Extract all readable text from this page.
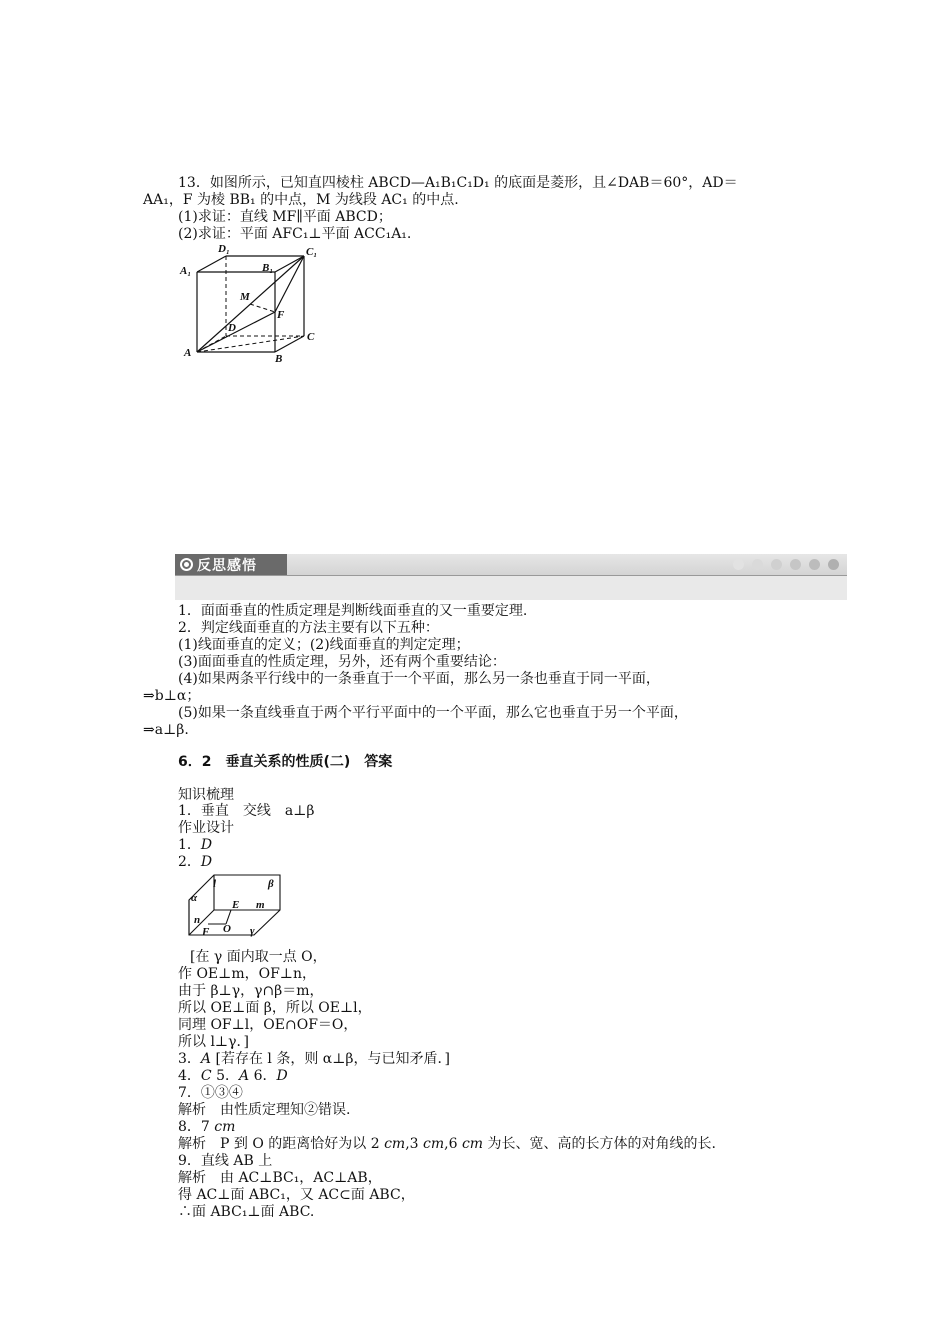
13．如图所示，已知直四棱柱 ABCD—A₁B₁C₁D₁ 的底面是菱形，且∠DAB＝60°，AD＝
AA₁，F 为棱 BB₁ 的中点，M 为线段 AC₁ 的中点.
(1)求证：直线 MF∥平面 ABCD；
(2)求证：平面 AFC₁⊥平面 ACC₁A₁.
D₁	C₁
A₁	B₁
M
F
D
C
A	B
反思感悟
1．面面垂直的性质定理是判断线面垂直的又一重要定理.
2．判定线面垂直的方法主要有以下五种：
(1)线面垂直的定义；(2)线面垂直的判定定理；
(3)面面垂直的性质定理，另外，还有两个重要结论：
(4)如果两条平行线中的一条垂直于一个平面，那么另一条也垂直于同一平面，
⇒b⊥α；
(5)如果一条直线垂直于两个平行平面中的一个平面，那么它也垂直于另一个平面，
⇒a⊥β.
6．2　垂直关系的性质(二)　答案
知识梳理
1．垂直　交线　a⊥β
作业设计
1．D
2．D
l	β
α
E m
n
O
F	γ
[在 γ 面内取一点 O，
作 OE⊥m，OF⊥n，
由于 β⊥γ，γ∩β＝m，
所以 OE⊥面 β，所以 OE⊥l，
同理 OF⊥l，OE∩OF＝O，
所以 l⊥γ．]
3．A [若存在 l 条，则 α⊥β，与已知矛盾．]
4．C 5．A 6．D
7．①③④
解析　由性质定理知②错误.
8．7 cm
解析　P 到 O 的距离恰好为以 2 cm,3 cm,6 cm 为长、宽、高的长方体的对角线的长.
9．直线 AB 上
解析　由 AC⊥BC₁，AC⊥AB，
得 AC⊥面 ABC₁，又 AC⊂面 ABC，
∴面 ABC₁⊥面 ABC.
